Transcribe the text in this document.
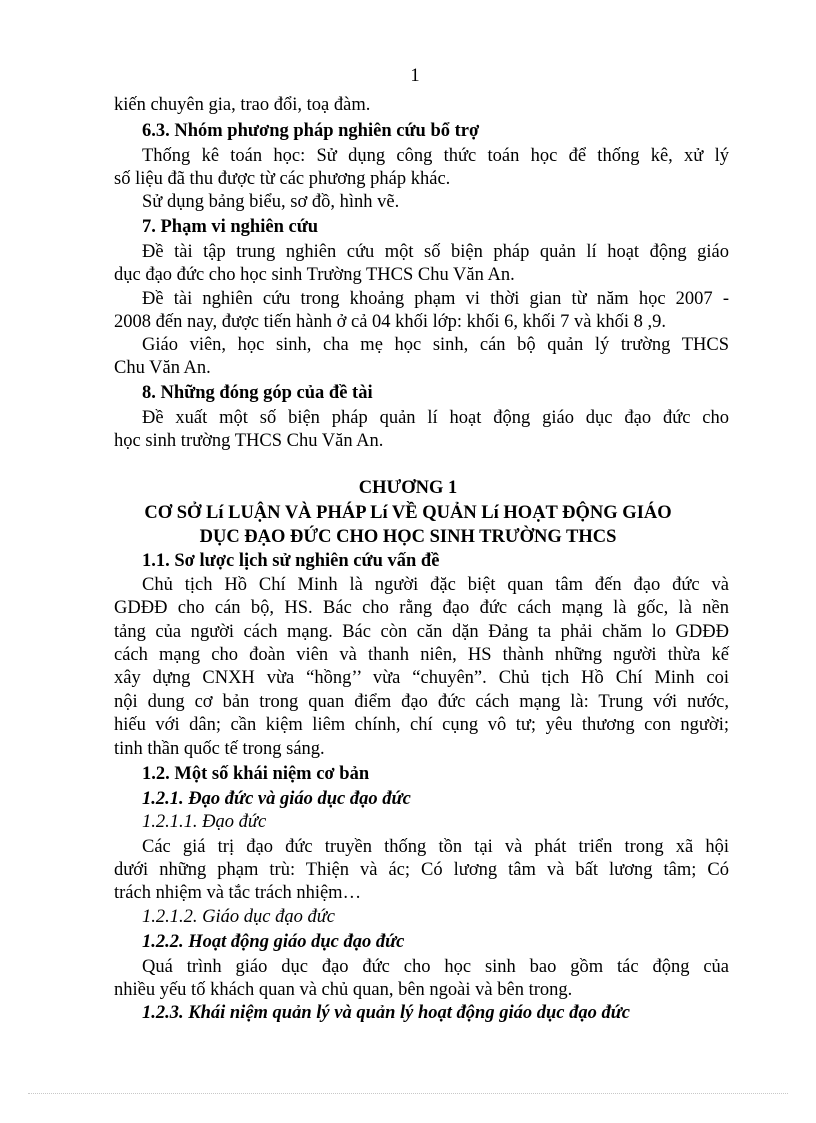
1
kiến chuyên gia, trao đổi, toạ đàm.
6.3. Nhóm phương pháp nghiên cứu bổ trợ
Thống kê toán học: Sử dụng công thức toán học để thống kê, xử lý
số liệu đã thu được từ các phương pháp khác.
Sử dụng bảng biểu, sơ đồ, hình vẽ.
7. Phạm vi nghiên cứu
Đề tài tập trung nghiên cứu một số biện pháp quản lí hoạt động giáo
dục đạo đức cho học sinh Trường THCS Chu Văn An.
Đề tài nghiên cứu trong khoảng phạm vi thời gian từ năm học 2007 -
2008 đến nay, được tiến hành ở cả 04 khối lớp: khối 6, khối 7 và khối 8 ,9.
Giáo viên, học sinh, cha mẹ học sinh, cán bộ quản lý trường THCS
Chu Văn An.
8. Những đóng góp của đề tài
Đề xuất một số biện pháp quản lí hoạt động giáo dục đạo đức cho
học sinh trường THCS Chu Văn An.
CHƯƠNG 1
CƠ SỞ Lí LUẬN VÀ PHÁP Lí VỀ QUẢN Lí HOẠT ĐỘNG GIÁO
DỤC ĐẠO ĐỨC CHO HỌC SINH TRƯỜNG THCS
1.1. Sơ lược lịch sử nghiên cứu vấn đề
Chủ tịch Hồ Chí Minh là người đặc biệt quan tâm đến đạo đức và
GDĐĐ cho cán bộ, HS. Bác cho rằng đạo đức cách mạng là gốc, là nền
tảng của người cách mạng. Bác còn căn dặn Đảng ta phải chăm lo GDĐĐ
cách mạng cho đoàn viên và thanh niên, HS thành những người thừa kế
xây dựng CNXH vừa “hồng’’ vừa “chuyên”. Chủ tịch Hồ Chí Minh coi
nội dung cơ bản trong quan điểm đạo đức cách mạng là: Trung với nước,
hiếu với dân; cần kiệm liêm chính, chí cụng vô tư; yêu thương con người;
tinh thần quốc tế trong sáng.
1.2. Một số khái niệm cơ bản
1.2.1. Đạo đức và giáo dục đạo đức
1.2.1.1. Đạo đức
Các giá trị đạo đức truyền thống tồn tại và phát triển trong xã hội
dưới những phạm trù: Thiện và ác; Có lương tâm và bất lương tâm; Có
trách nhiệm và tắc trách nhiệm…
1.2.1.2. Giáo dục đạo đức
1.2.2. Hoạt động giáo dục đạo đức
Quá trình giáo dục đạo đức cho học sinh bao gồm tác động của
nhiều yếu tố khách quan và chủ quan, bên ngoài và bên trong.
1.2.3. Khái niệm quản lý và quản lý hoạt động giáo dục đạo đức
